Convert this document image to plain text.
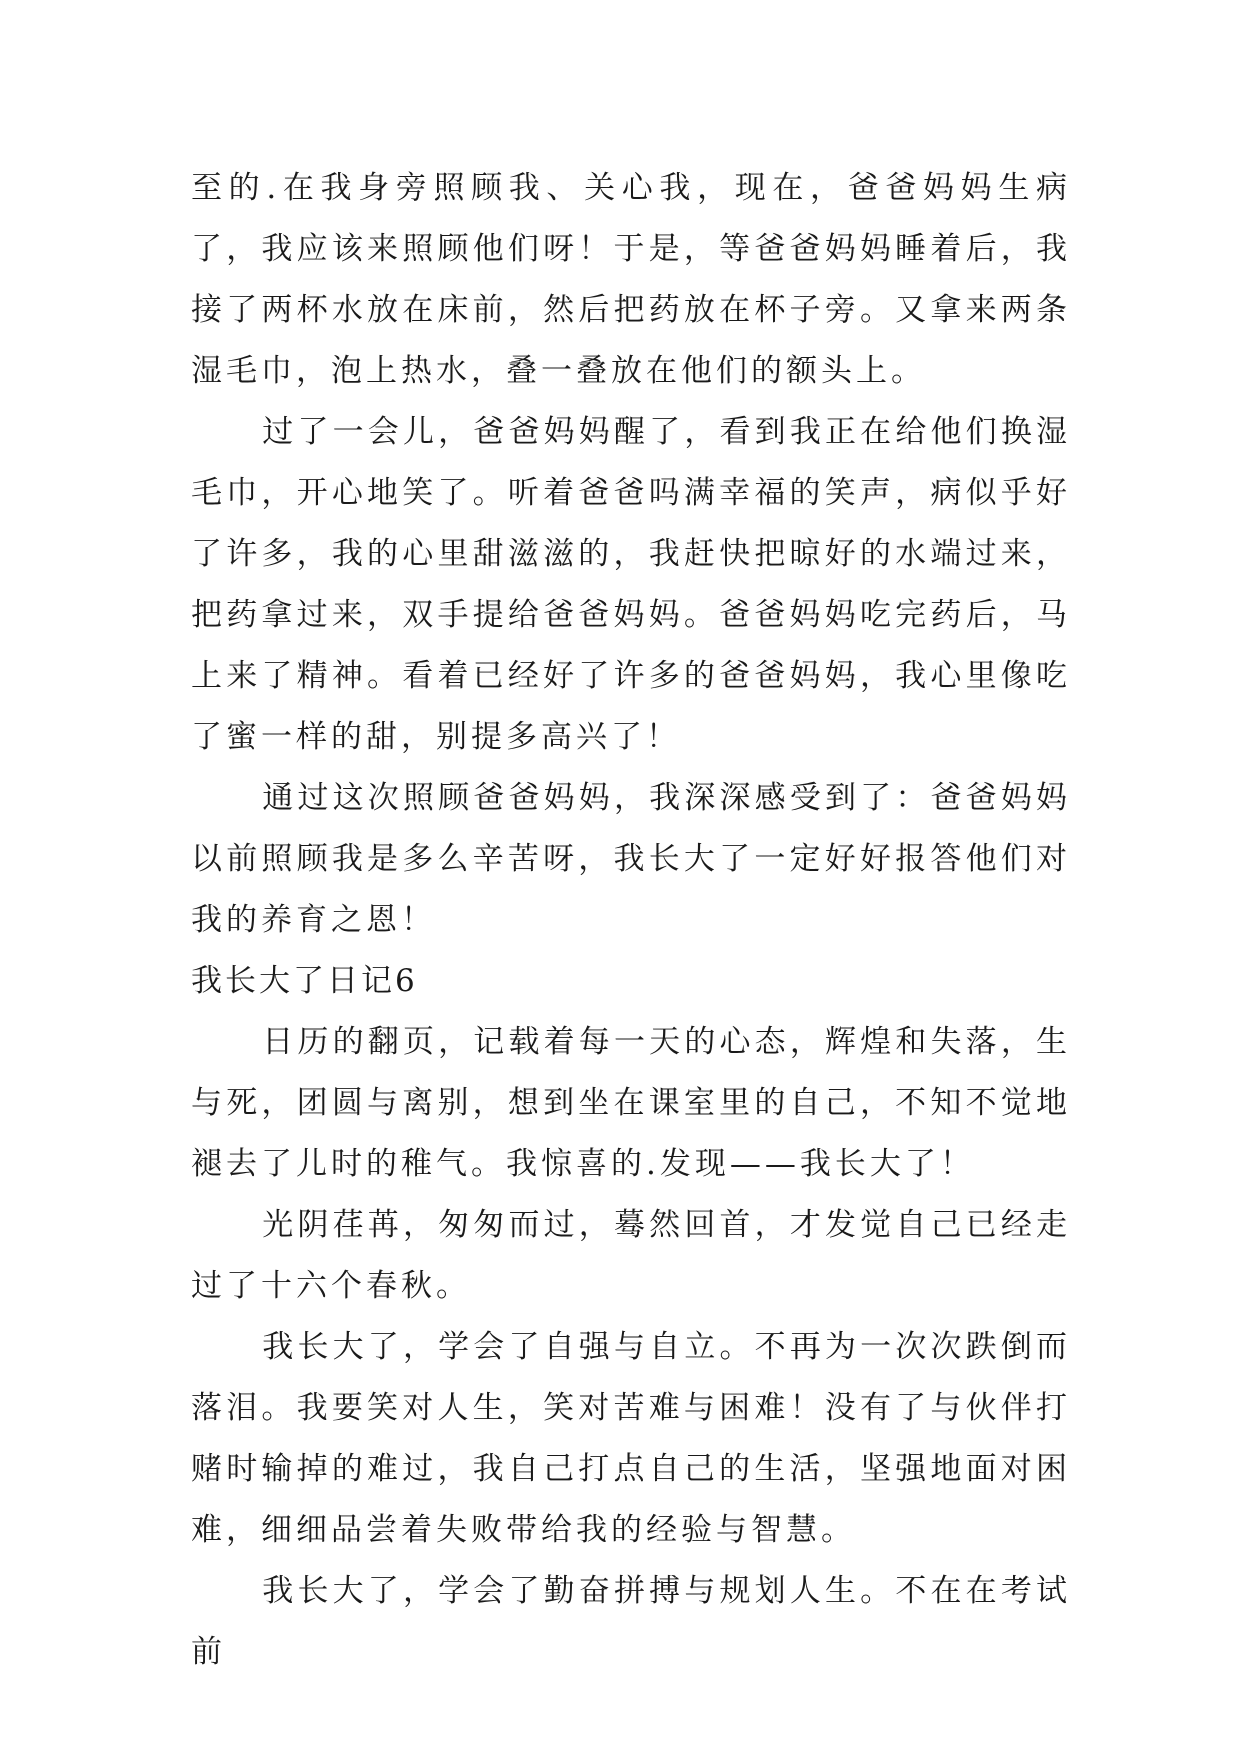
至的.在我身旁照顾我、关心我，现在，爸爸妈妈生病了，我应该来照顾他们呀！于是，等爸爸妈妈睡着后，我接了两杯水放在床前，然后把药放在杯子旁。又拿来两条湿毛巾，泡上热水，叠一叠放在他们的额头上。

过了一会儿，爸爸妈妈醒了，看到我正在给他们换湿毛巾，开心地笑了。听着爸爸吗满幸福的笑声，病似乎好了许多，我的心里甜滋滋的，我赶快把晾好的水端过来，把药拿过来，双手提给爸爸妈妈。爸爸妈妈吃完药后，马上来了精神。看着已经好了许多的爸爸妈妈，我心里像吃了蜜一样的甜，别提多高兴了！

通过这次照顾爸爸妈妈，我深深感受到了：爸爸妈妈以前照顾我是多么辛苦呀，我长大了一定好好报答他们对我的养育之恩！

我长大了日记6

日历的翻页，记载着每一天的心态，辉煌和失落，生与死，团圆与离别，想到坐在课室里的自己，不知不觉地褪去了儿时的稚气。我惊喜的.发现——我长大了！

光阴荏苒，匆匆而过，蓦然回首，才发觉自己已经走过了十六个春秋。

我长大了，学会了自强与自立。不再为一次次跌倒而落泪。我要笑对人生，笑对苦难与困难！没有了与伙伴打赌时输掉的难过，我自己打点自己的生活，坚强地面对困难，细细品尝着失败带给我的经验与智慧。

我长大了，学会了勤奋拼搏与规划人生。不在在考试前
